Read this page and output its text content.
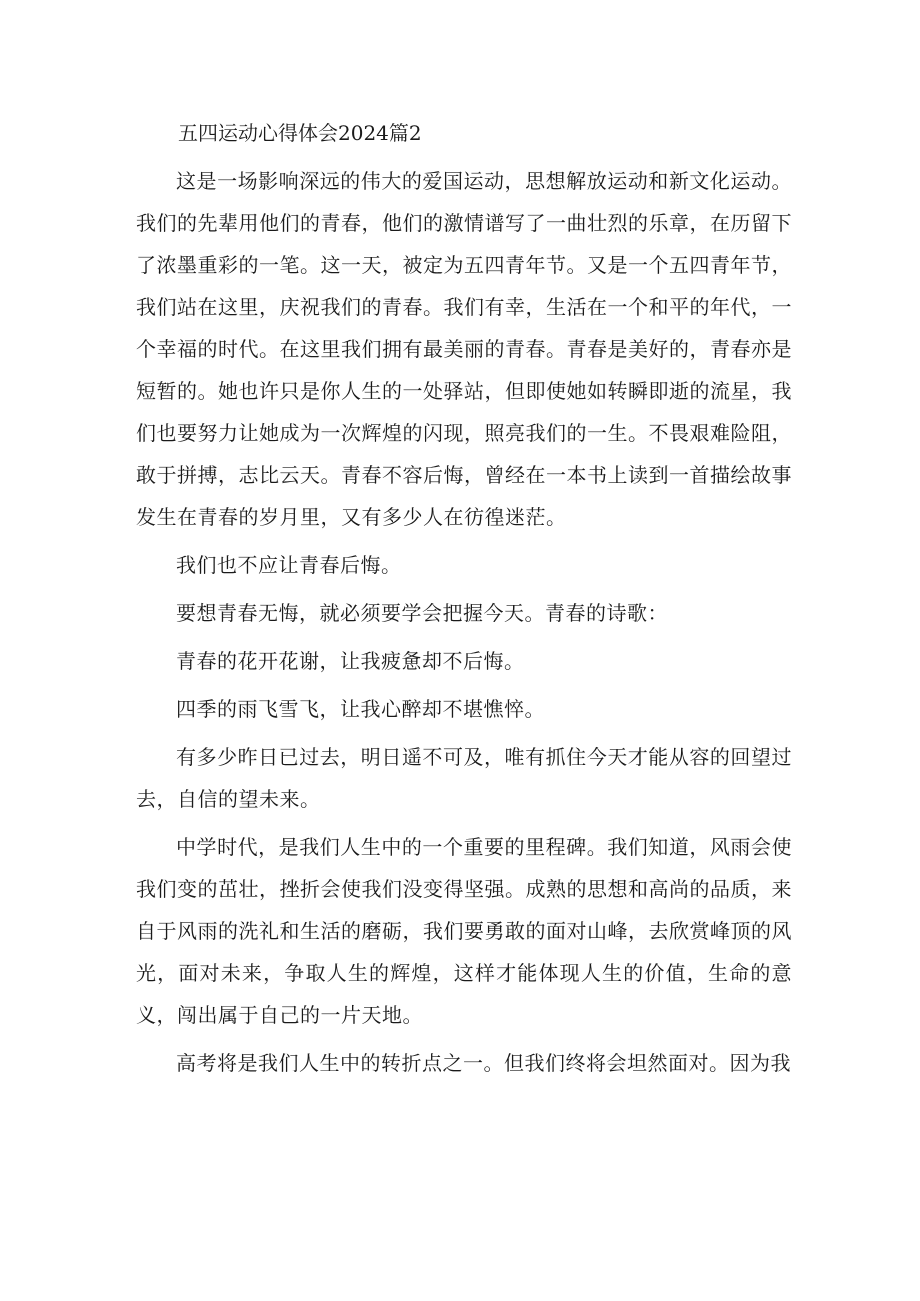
五四运动心得体会2024篇2

这是一场影响深远的伟大的爱国运动，思想解放运动和新文化运动。我们的先辈用他们的青春，他们的激情谱写了一曲壮烈的乐章，在历留下了浓墨重彩的一笔。这一天，被定为五四青年节。又是一个五四青年节，我们站在这里，庆祝我们的青春。我们有幸，生活在一个和平的年代，一个幸福的时代。在这里我们拥有最美丽的青春。青春是美好的，青春亦是短暂的。她也许只是你人生的一处驿站，但即使她如转瞬即逝的流星，我们也要努力让她成为一次辉煌的闪现，照亮我们的一生。不畏艰难险阻，敢于拼搏，志比云天。青春不容后悔，曾经在一本书上读到一首描绘故事发生在青春的岁月里，又有多少人在彷徨迷茫。

我们也不应让青春后悔。

要想青春无悔，就必须要学会把握今天。青春的诗歌：

青春的花开花谢，让我疲惫却不后悔。

四季的雨飞雪飞，让我心醉却不堪憔悴。

有多少昨日已过去，明日遥不可及，唯有抓住今天才能从容的回望过去，自信的望未来。

中学时代，是我们人生中的一个重要的里程碑。我们知道，风雨会使我们变的茁壮，挫折会使我们没变得坚强。成熟的思想和高尚的品质，来自于风雨的洗礼和生活的磨砺，我们要勇敢的面对山峰，去欣赏峰顶的风光，面对未来，争取人生的辉煌，这样才能体现人生的价值，生命的意义，闯出属于自己的一片天地。

高考将是我们人生中的转折点之一。但我们终将会坦然面对。因为我
